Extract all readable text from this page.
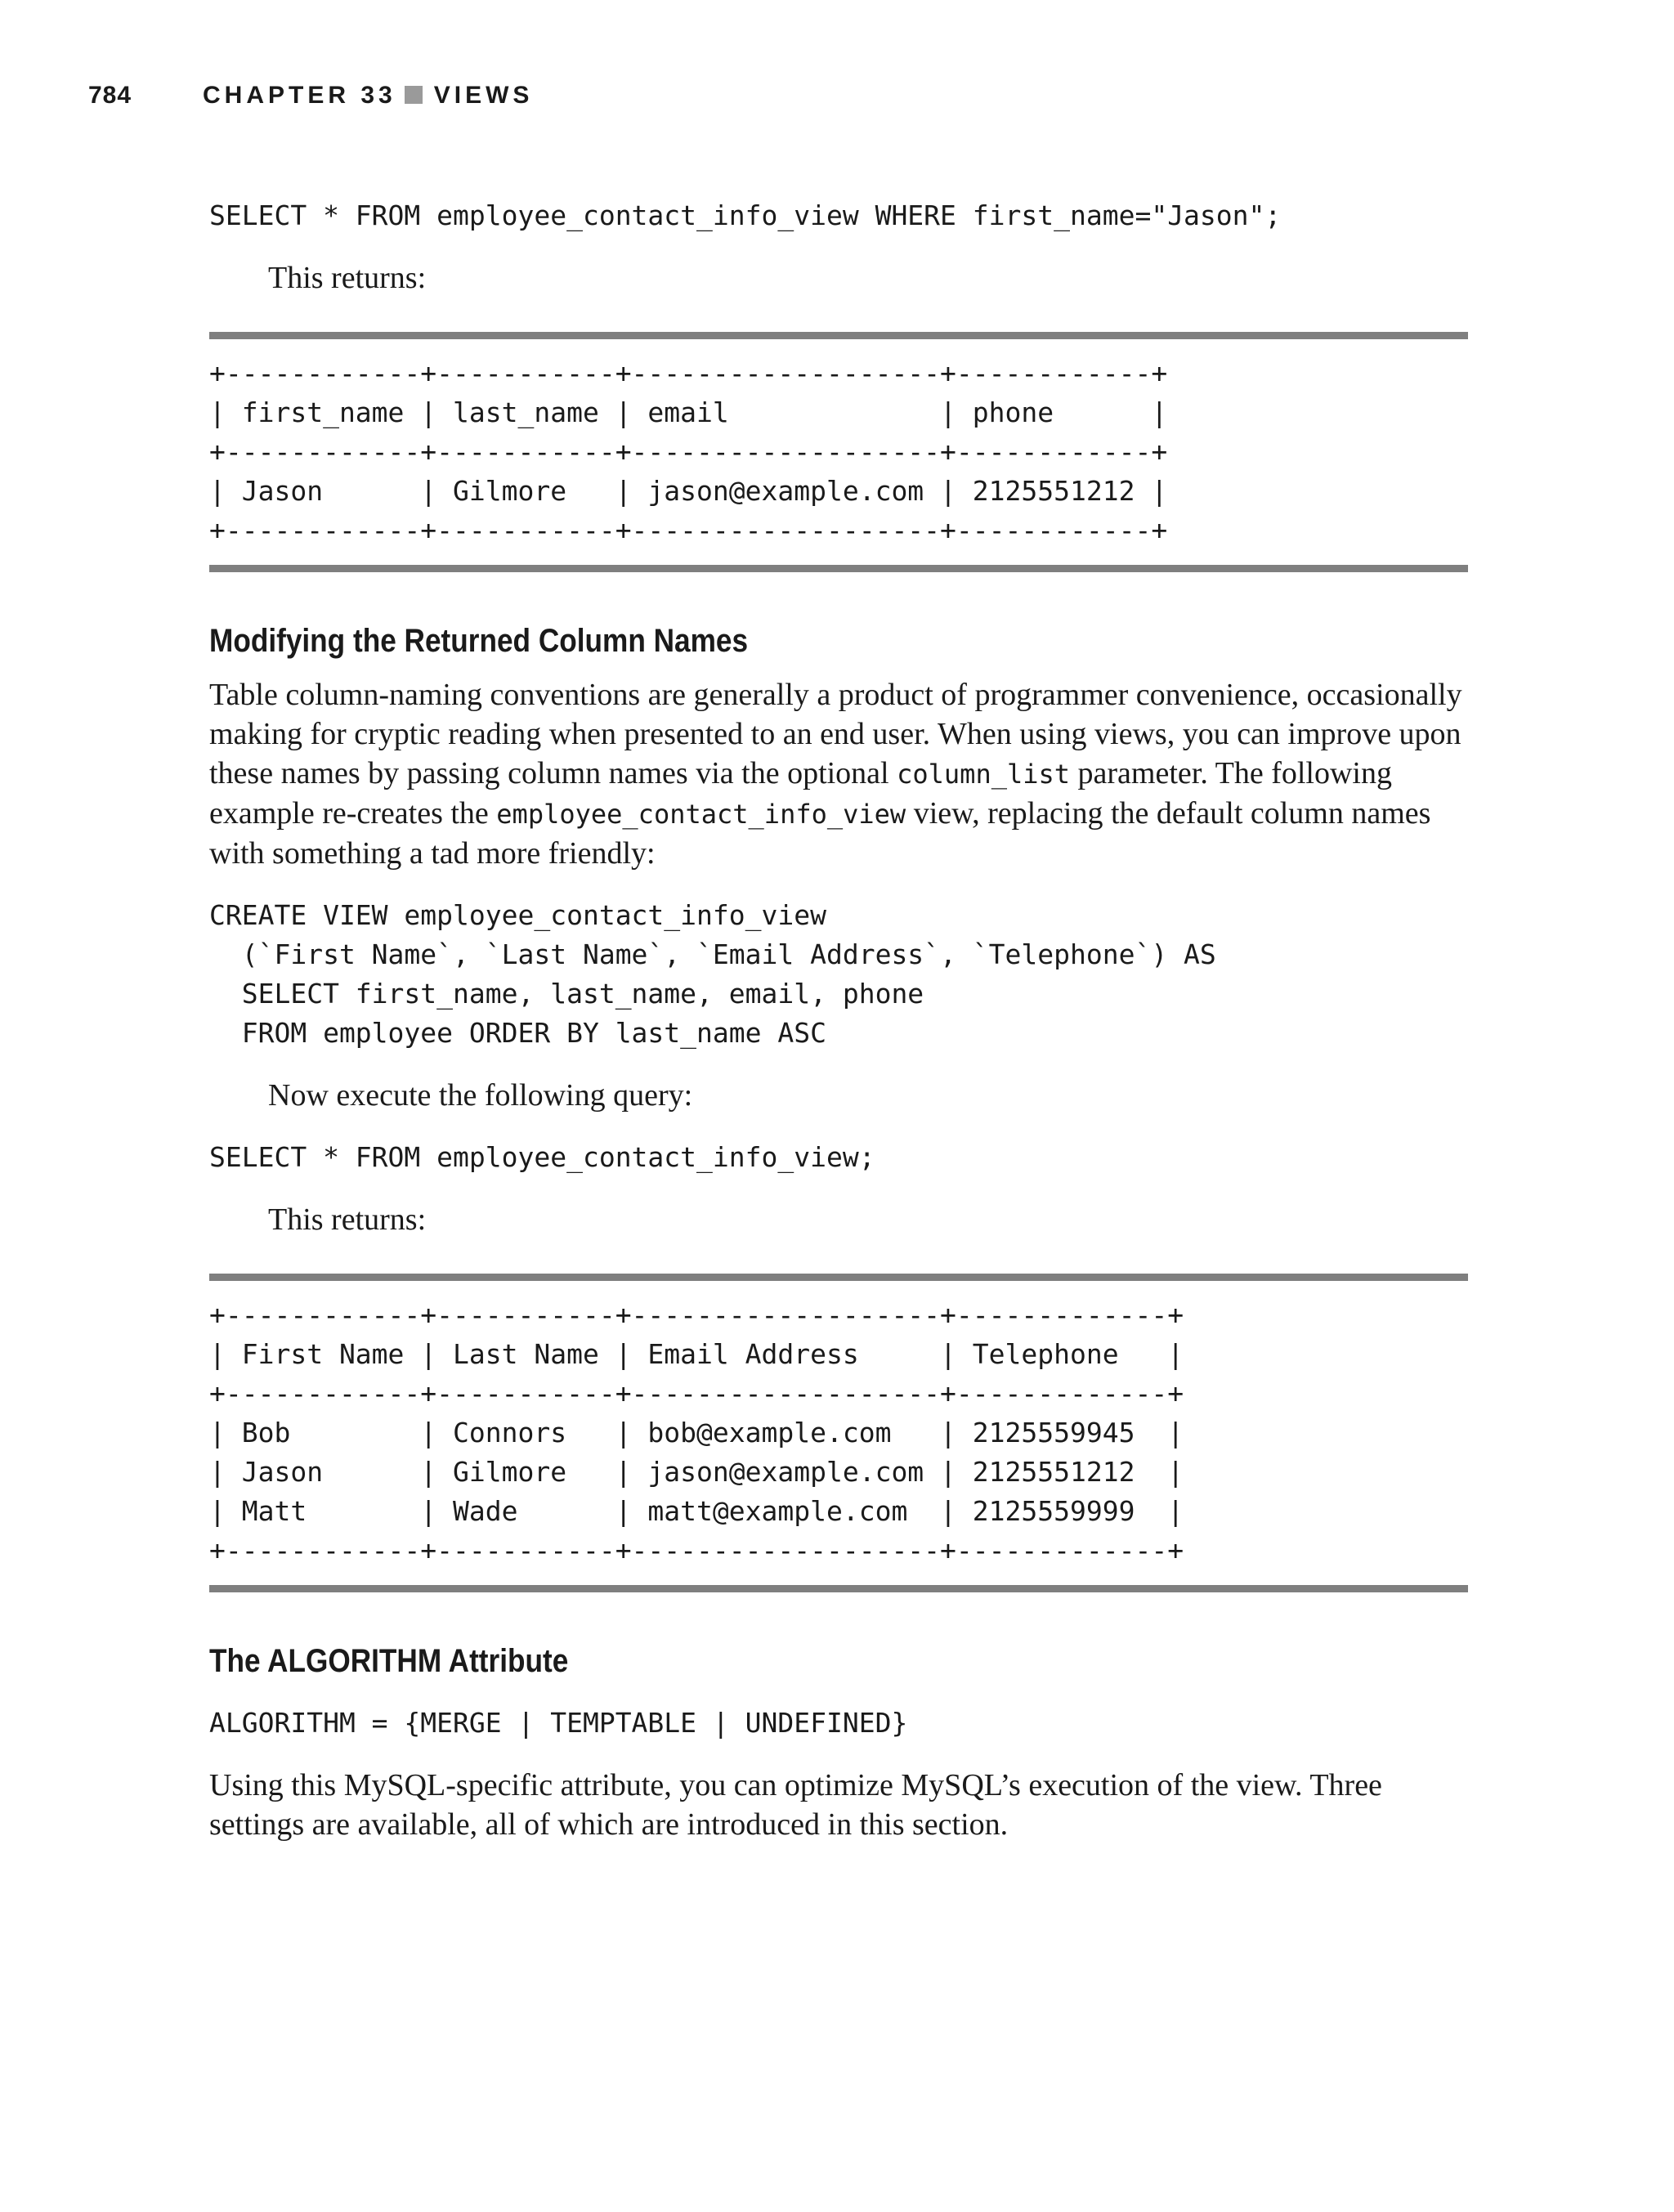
784	CHAPTER 33 VIEWS
SELECT * FROM employee_contact_info_view WHERE first_name="Jason";

This returns:

+------------+-----------+-------------------+------------+
| first_name | last_name | email             | phone      |
+------------+-----------+-------------------+------------+
| Jason      | Gilmore   | jason@example.com | 2125551212 |
+------------+-----------+-------------------+------------+
Modifying the Returned Column Names

Table column-naming conventions are generally a product of programmer convenience, occasionally making for cryptic reading when presented to an end user. When using views, you can improve upon these names by passing column names via the optional column_list parameter. The following example re-creates the employee_contact_info_view view, replacing the default column names with something a tad more friendly:

CREATE VIEW employee_contact_info_view
(`First Name`, `Last Name`, `Email Address`, `Telephone`) AS
SELECT first_name, last_name, email, phone
FROM employee ORDER BY last_name ASC

Now execute the following query:

SELECT * FROM employee_contact_info_view;

This returns:

+------------+-----------+-------------------+-------------+
| First Name | Last Name | Email Address     | Telephone   |
+------------+-----------+-------------------+-------------+
| Bob        | Connors   | bob@example.com   | 2125559945  |
| Jason      | Gilmore   | jason@example.com | 2125551212  |
| Matt       | Wade      | matt@example.com  | 2125559999  |
+------------+-----------+-------------------+-------------+
The ALGORITHM Attribute
ALGORITHM = {MERGE | TEMPTABLE | UNDEFINED}

Using this MySQL-specific attribute, you can optimize MySQL’s execution of the view. Three settings are available, all of which are introduced in this section.
